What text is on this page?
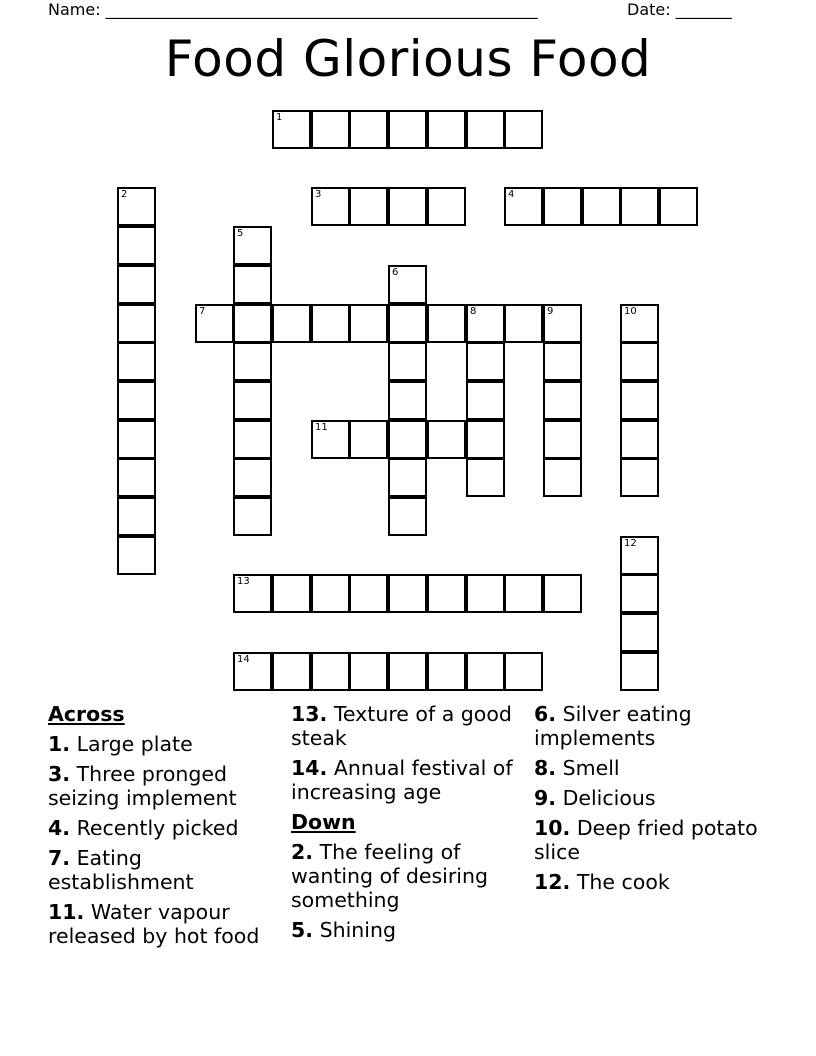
Name: ______________________________________________________	Date: _______
Food Glorious Food
1
3	4
7	8	9
11
13
14
2
5
6
10
12
Across
1. Large plate
3. Three pronged seizing implement
4. Recently picked
7. Eating establishment
11. Water vapour released by hot food
13. Texture of a good steak
14. Annual festival of increasing age
Down
2. The feeling of wanting of desiring something
5. Shining
6. Silver eating implements
8. Smell
9. Delicious
10. Deep fried potato slice
12. The cook
